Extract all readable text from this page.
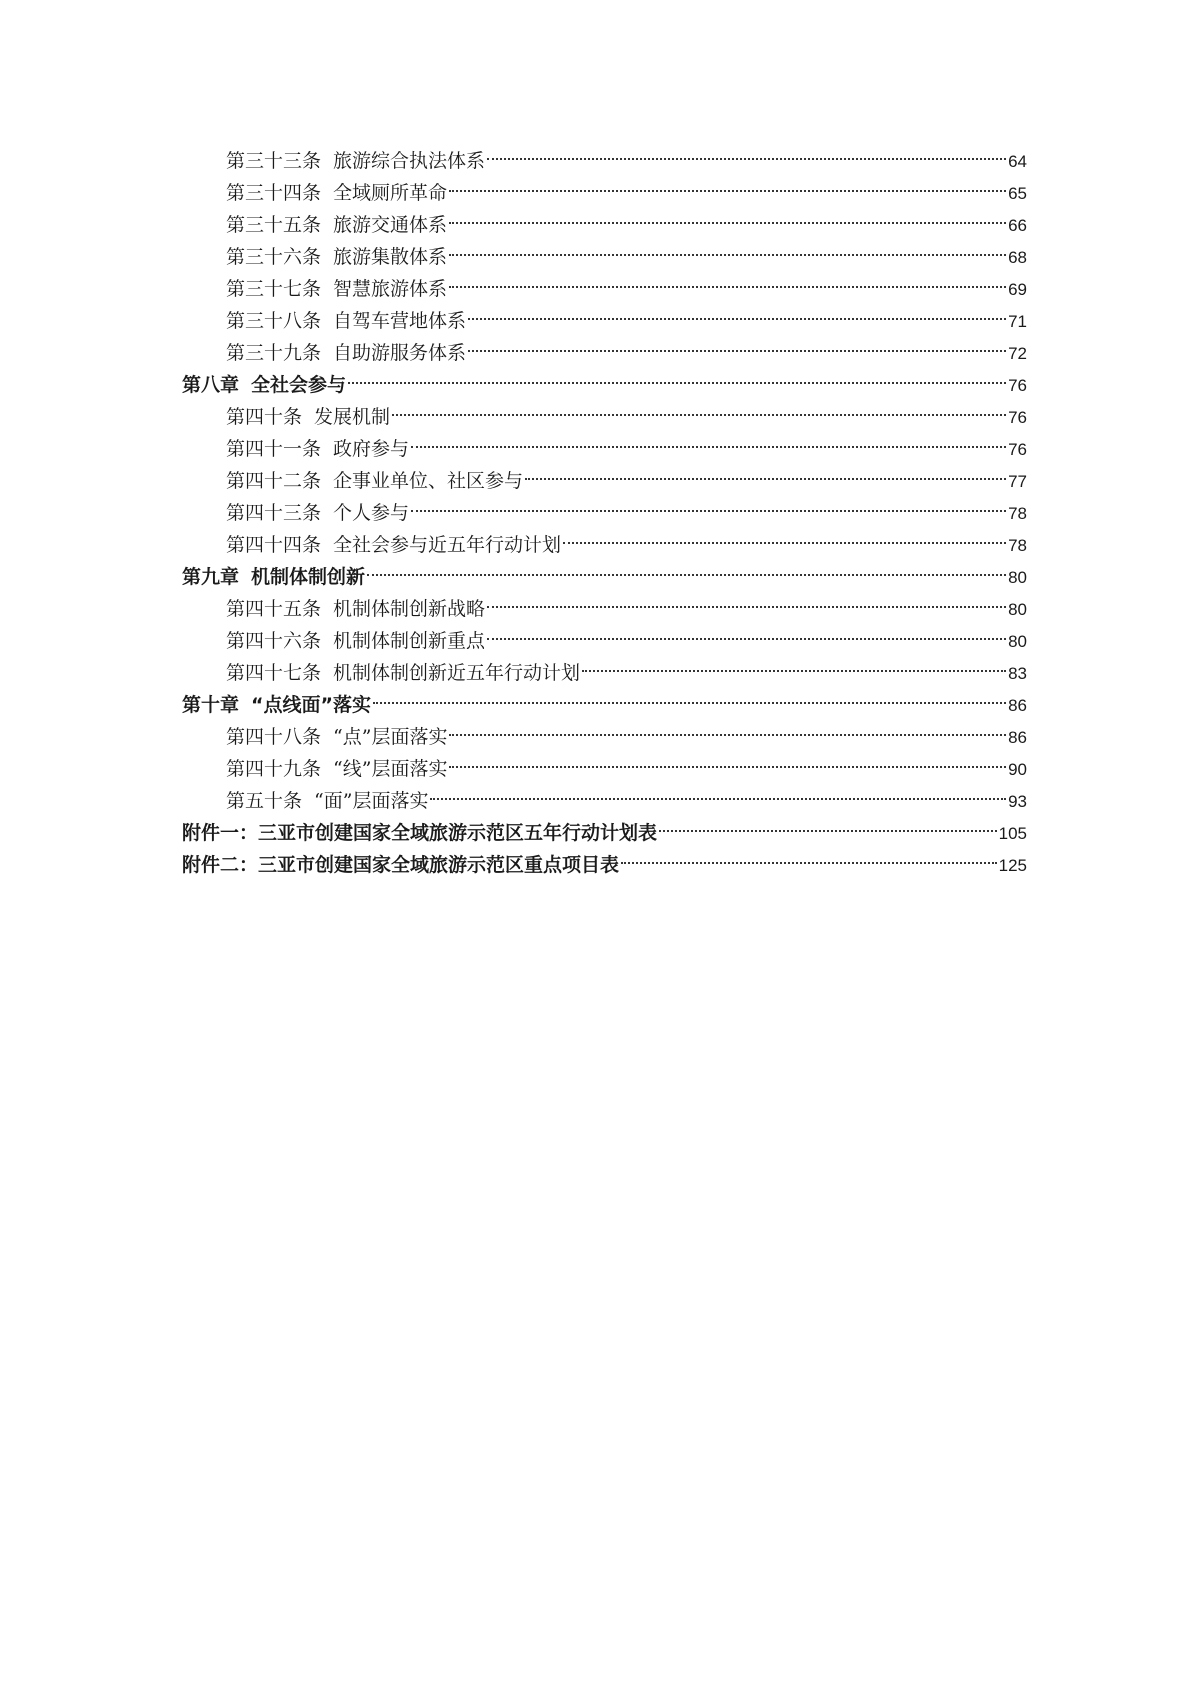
第三十三条 旅游综合执法体系	64
第三十四条 全域厕所革命	65
第三十五条 旅游交通体系	66
第三十六条 旅游集散体系	68
第三十七条 智慧旅游体系	69
第三十八条 自驾车营地体系	71
第三十九条 自助游服务体系	72
第八章 全社会参与	76
第四十条 发展机制	76
第四十一条 政府参与	76
第四十二条 企事业单位、社区参与	77
第四十三条 个人参与	78
第四十四条 全社会参与近五年行动计划	78
第九章 机制体制创新	80
第四十五条 机制体制创新战略	80
第四十六条 机制体制创新重点	80
第四十七条 机制体制创新近五年行动计划	83
第十章 “点线面”落实	86
第四十八条 “点”层面落实	86
第四十九条 “线”层面落实	90
第五十条 “面”层面落实	93
附件一：三亚市创建国家全域旅游示范区五年行动计划表	105
附件二：三亚市创建国家全域旅游示范区重点项目表	125
